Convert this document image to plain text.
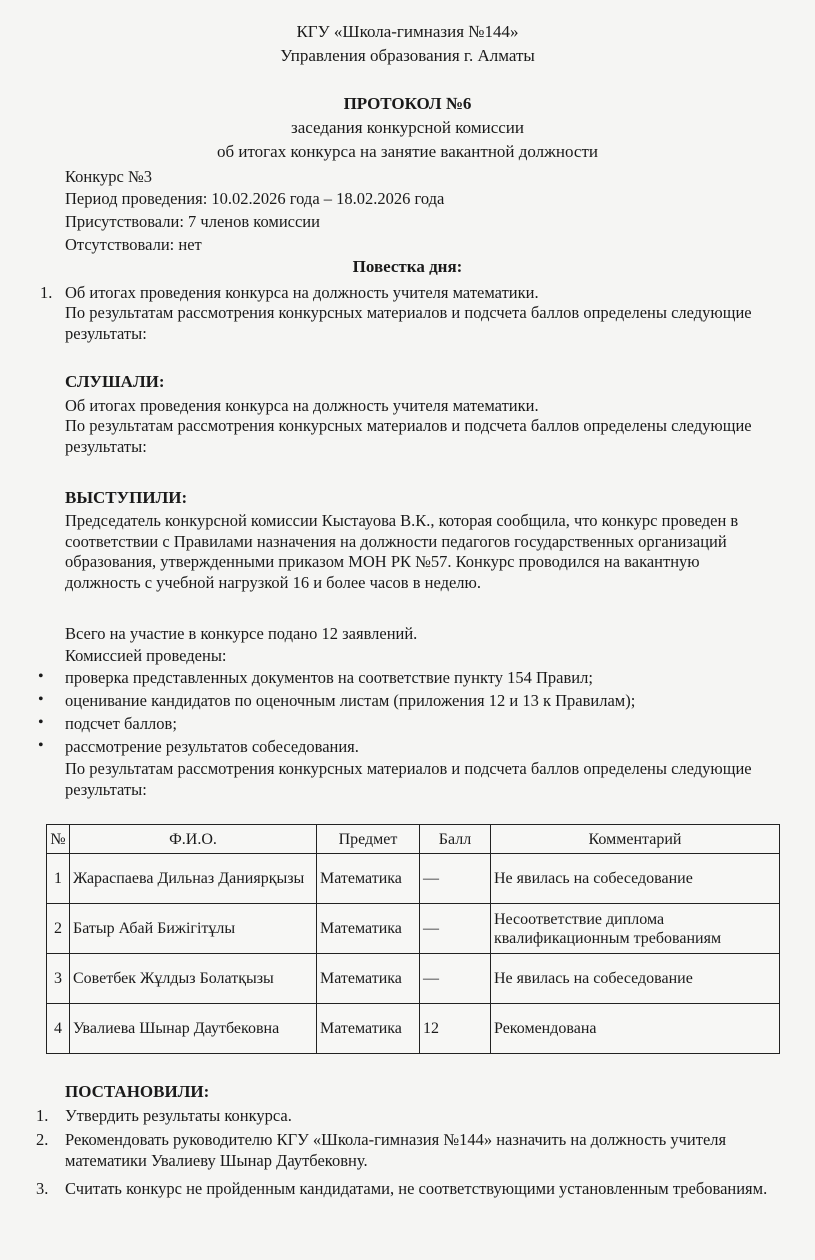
КГУ «Школа-гимназия №144»
Управления образования г. Алматы
ПРОТОКОЛ №6
заседания конкурсной комиссии
об итогах конкурса на занятие вакантной должности
Конкурс №3
Период проведения: 10.02.2026 года – 18.02.2026 года
Присутствовали: 7 членов комиссии
Отсутствовали: нет
Повестка дня:
1. Об итогах проведения конкурса на должность учителя математики.
По результатам рассмотрения конкурсных материалов и подсчета баллов определены следующие результаты:
СЛУШАЛИ:
Об итогах проведения конкурса на должность учителя математики.
По результатам рассмотрения конкурсных материалов и подсчета баллов определены следующие результаты:
ВЫСТУПИЛИ:
Председатель конкурсной комиссии Кыстауова В.К., которая сообщила, что конкурс проведен в соответствии с Правилами назначения на должности педагогов государственных организаций образования, утвержденными приказом МОН РК №57. Конкурс проводился на вакантную должность с учебной нагрузкой 16 и более часов в неделю.
Всего на участие в конкурсе подано 12 заявлений.
Комиссией проведены:
• проверка представленных документов на соответствие пункту 154 Правил;
• оценивание кандидатов по оценочным листам (приложения 12 и 13 к Правилам);
• подсчет баллов;
• рассмотрение результатов собеседования.
По результатам рассмотрения конкурсных материалов и подсчета баллов определены следующие результаты:
№	Ф.И.О.	Предмет	Балл	Комментарий
1	Жараспаева Дильназ Даниярқызы	Математика	—	Не явилась на собеседование
2	Батыр Абай Бижігітұлы	Математика	—	Несоответствие диплома квалификационным требованиям
3	Советбек Жұлдыз Болатқызы	Математика	—	Не явилась на собеседование
4	Увалиева Шынар Даутбековна	Математика	12	Рекомендована
ПОСТАНОВИЛИ:
1. Утвердить результаты конкурса.
2. Рекомендовать руководителю КГУ «Школа-гимназия №144» назначить на должность учителя математики Увалиеву Шынар Даутбековну.
3. Считать конкурс не пройденным кандидатами, не соответствующими установленным требованиям.
